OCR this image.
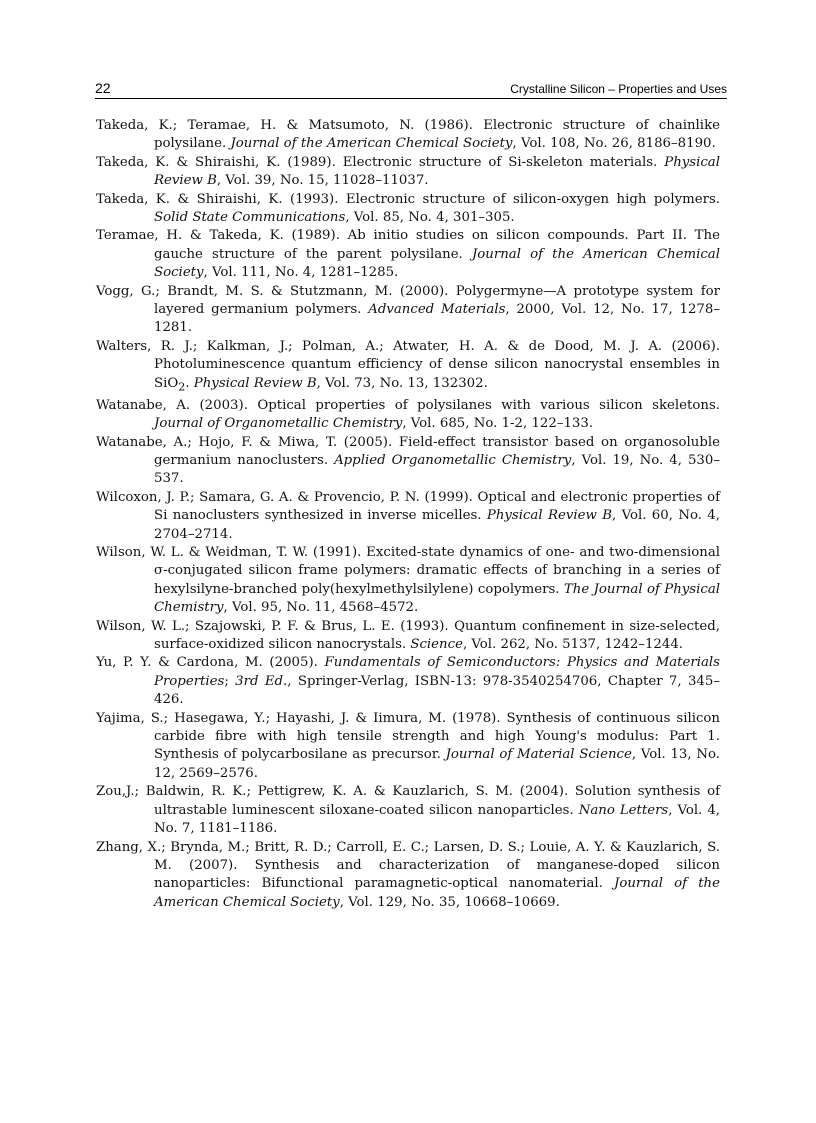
22	Crystalline Silicon – Properties and Uses

Takeda, K.; Teramae, H. & Matsumoto, N. (1986). Electronic structure of chainlike polysilane. Journal of the American Chemical Society, Vol. 108, No. 26, 8186–8190.

Takeda, K. & Shiraishi, K. (1989). Electronic structure of Si-skeleton materials. Physical Review B, Vol. 39, No. 15, 11028–11037.

Takeda, K. & Shiraishi, K. (1993). Electronic structure of silicon-oxygen high polymers. Solid State Communications, Vol. 85, No. 4, 301–305.

Teramae, H. & Takeda, K. (1989). Ab initio studies on silicon compounds. Part II. The gauche structure of the parent polysilane. Journal of the American Chemical Society, Vol. 111, No. 4, 1281–1285.

Vogg, G.; Brandt, M. S. & Stutzmann, M. (2000). Polygermyne—A prototype system for layered germanium polymers. Advanced Materials, 2000, Vol. 12, No. 17, 1278–1281.

Walters, R. J.; Kalkman, J.; Polman, A.; Atwater, H. A. & de Dood, M. J. A. (2006). Photoluminescence quantum efficiency of dense silicon nanocrystal ensembles in SiO$_2$. Physical Review B, Vol. 73, No. 13, 132302.

Watanabe, A. (2003). Optical properties of polysilanes with various silicon skeletons. Journal of Organometallic Chemistry, Vol. 685, No. 1-2, 122–133.

Watanabe, A.; Hojo, F. & Miwa, T. (2005). Field-effect transistor based on organosoluble germanium nanoclusters. Applied Organometallic Chemistry, Vol. 19, No. 4, 530–537.

Wilcoxon, J. P.; Samara, G. A. & Provencio, P. N. (1999). Optical and electronic properties of Si nanoclusters synthesized in inverse micelles. Physical Review B, Vol. 60, No. 4, 2704–2714.

Wilson, W. L. & Weidman, T. W. (1991). Excited-state dynamics of one- and two-dimensional σ-conjugated silicon frame polymers: dramatic effects of branching in a series of hexylsilyne-branched poly(hexylmethylsilylene) copolymers. The Journal of Physical Chemistry, Vol. 95, No. 11, 4568–4572.

Wilson, W. L.; Szajowski, P. F. & Brus, L. E. (1993). Quantum confinement in size-selected, surface-oxidized silicon nanocrystals. Science, Vol. 262, No. 5137, 1242–1244.

Yu, P. Y. & Cardona, M. (2005). Fundamentals of Semiconductors: Physics and Materials Properties; 3rd Ed., Springer-Verlag, ISBN-13: 978-3540254706, Chapter 7, 345–426.

Yajima, S.; Hasegawa, Y.; Hayashi, J. & Iimura, M. (1978). Synthesis of continuous silicon carbide fibre with high tensile strength and high Young's modulus: Part 1. Synthesis of polycarbosilane as precursor. Journal of Material Science, Vol. 13, No. 12, 2569–2576.

Zou,J.; Baldwin, R. K.; Pettigrew, K. A. & Kauzlarich, S. M. (2004). Solution synthesis of ultrastable luminescent siloxane-coated silicon nanoparticles. Nano Letters, Vol. 4, No. 7, 1181–1186.

Zhang, X.; Brynda, M.; Britt, R. D.; Carroll, E. C.; Larsen, D. S.; Louie, A. Y. & Kauzlarich, S. M. (2007). Synthesis and characterization of manganese-doped silicon nanoparticles: Bifunctional paramagnetic-optical nanomaterial. Journal of the American Chemical Society, Vol. 129, No. 35, 10668–10669.
